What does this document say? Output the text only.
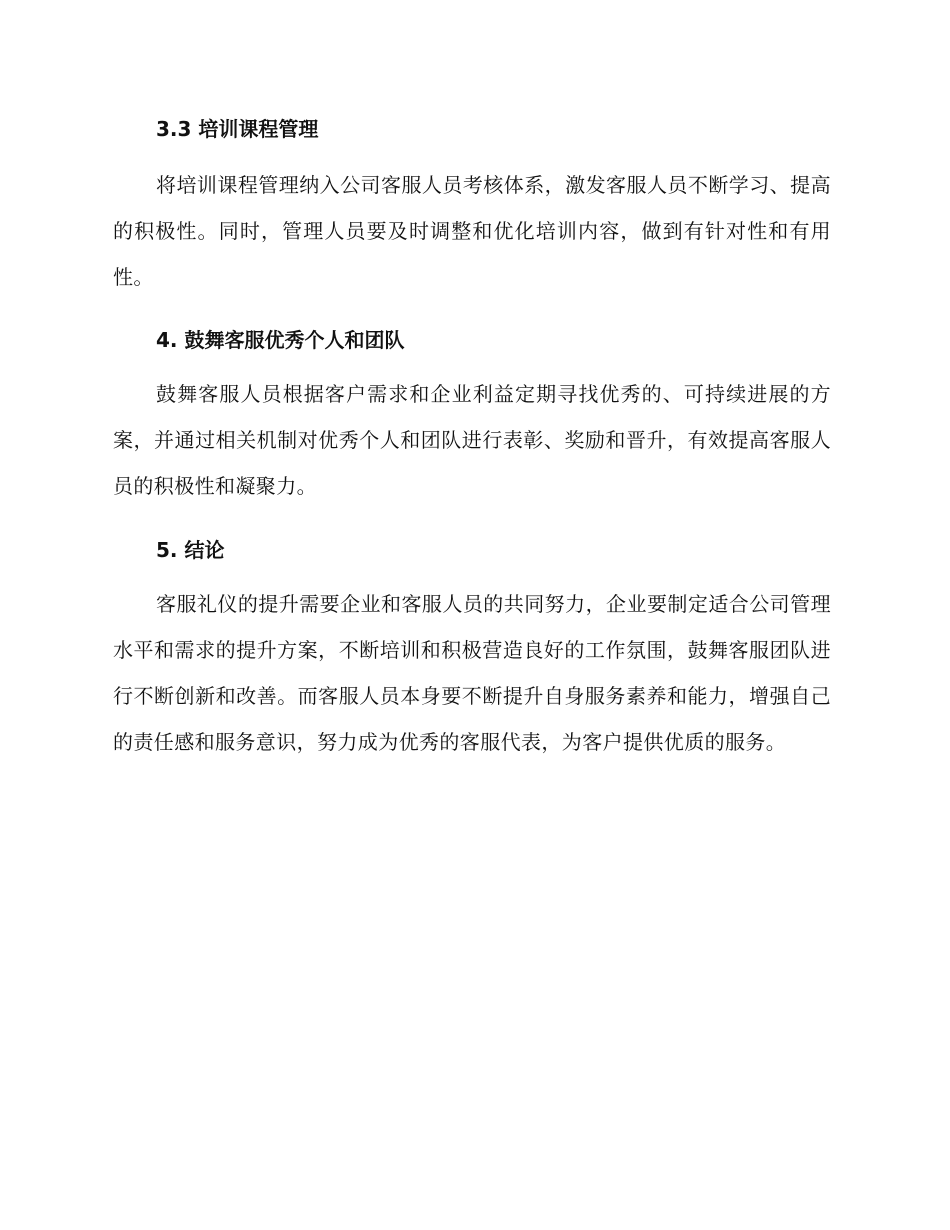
3.3 培训课程管理

将培训课程管理纳入公司客服人员考核体系，激发客服人员不断学习、提高的积极性。同时，管理人员要及时调整和优化培训内容，做到有针对性和有用性。

4. 鼓舞客服优秀个人和团队

鼓舞客服人员根据客户需求和企业利益定期寻找优秀的、可持续进展的方案，并通过相关机制对优秀个人和团队进行表彰、奖励和晋升，有效提高客服人员的积极性和凝聚力。

5. 结论

客服礼仪的提升需要企业和客服人员的共同努力，企业要制定适合公司管理水平和需求的提升方案，不断培训和积极营造良好的工作氛围，鼓舞客服团队进行不断创新和改善。而客服人员本身要不断提升自身服务素养和能力，增强自己的责任感和服务意识，努力成为优秀的客服代表，为客户提供优质的服务。
